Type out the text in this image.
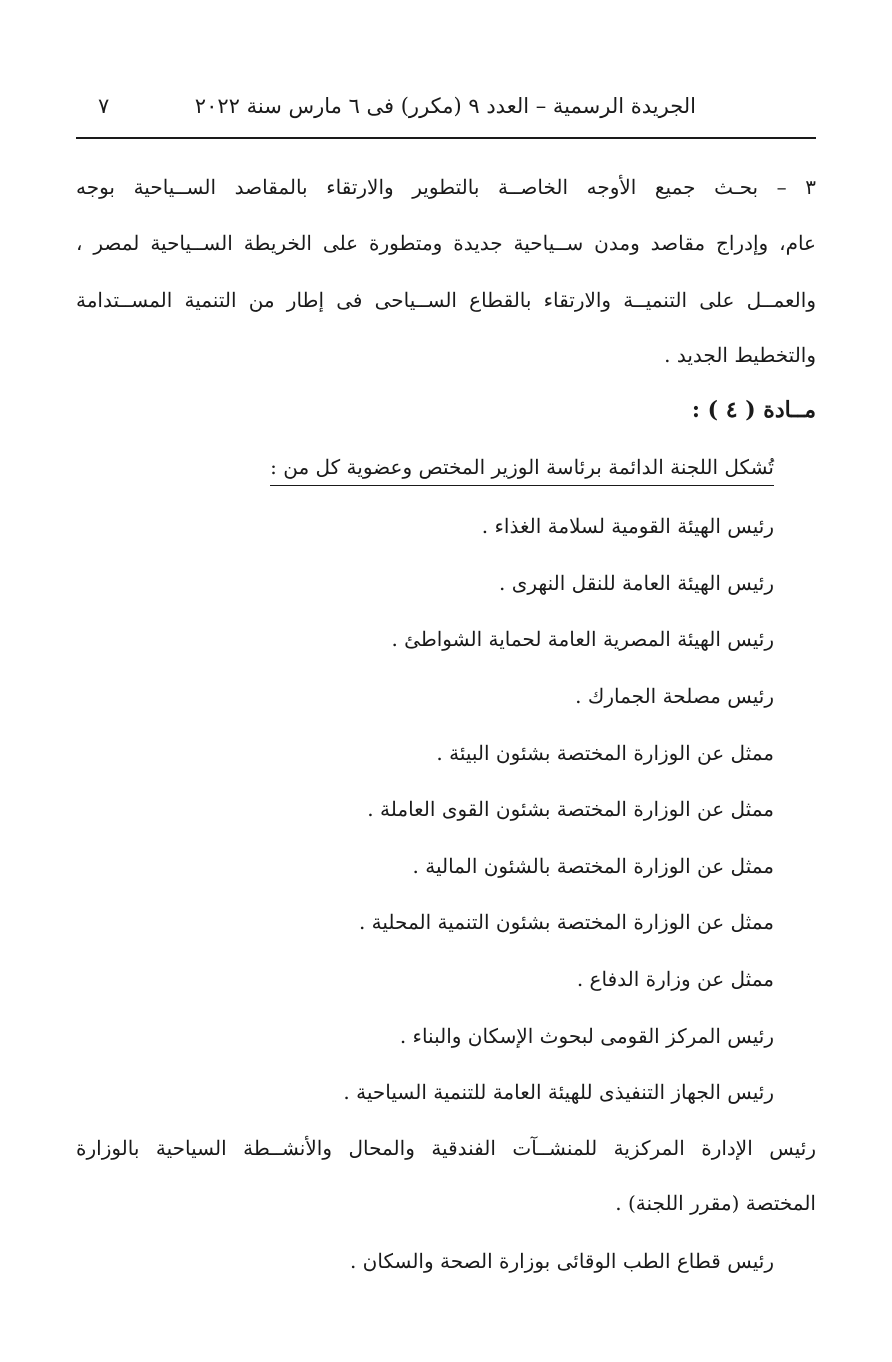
الجريدة الرسمية – العدد ٩ (مكرر) فى ٦ مارس سنة ٢٠٢٢
٧
٣ – بحـث جميع الأوجه الخاصــة بالتطوير والارتقاء بالمقاصد الســياحية بوجه
عام، وإدراج مقاصد ومدن ســياحية جديدة ومتطورة على الخريطة الســياحية لمصر ،
والعمــل على التنميــة والارتقاء بالقطاع الســياحى فى إطار من التنمية المســتدامة
والتخطيط الجديد .
مــادة ( ٤ ) :
تُشكل اللجنة الدائمة برئاسة الوزير المختص وعضوية كل من :
رئيس الهيئة القومية لسلامة الغذاء .
رئيس الهيئة العامة للنقل النهرى .
رئيس الهيئة المصرية العامة لحماية الشواطئ .
رئيس مصلحة الجمارك .
ممثل عن الوزارة المختصة بشئون البيئة .
ممثل عن الوزارة المختصة بشئون القوى العاملة .
ممثل عن الوزارة المختصة بالشئون المالية .
ممثل عن الوزارة المختصة بشئون التنمية المحلية .
ممثل عن وزارة الدفاع .
رئيس المركز القومى لبحوث الإسكان والبناء .
رئيس الجهاز التنفيذى للهيئة العامة للتنمية السياحية .
رئيس الإدارة المركزية للمنشــآت الفندقية والمحال والأنشــطة السياحية بالوزارة
المختصة (مقرر اللجنة) .
رئيس قطاع الطب الوقائى بوزارة الصحة والسكان .
